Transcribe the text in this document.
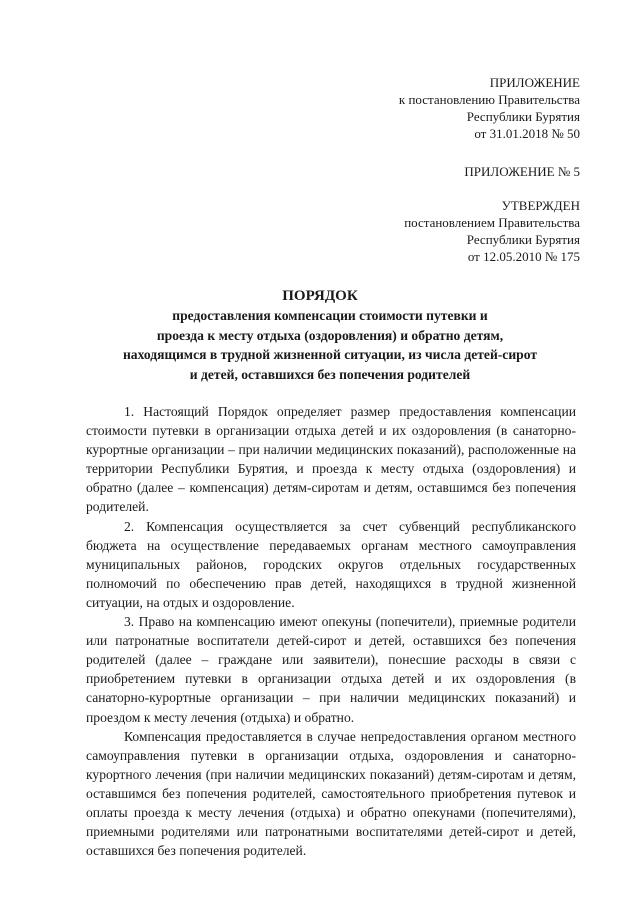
ПРИЛОЖЕНИЕ
к постановлению Правительства
Республики Бурятия
от 31.01.2018 № 50
ПРИЛОЖЕНИЕ № 5
УТВЕРЖДЕН
постановлением Правительства
Республики Бурятия
от 12.05.2010 № 175
ПОРЯДОК
предоставления компенсации стоимости путевки и
проезда к месту отдыха (оздоровления) и обратно детям,
находящимся в трудной жизненной ситуации, из числа детей-сирот
и детей, оставшихся без попечения родителей

1. Настоящий Порядок определяет размер предоставления компенсации стоимости путевки в организации отдыха детей и их оздоровления (в санаторно-курортные организации – при наличии медицинских показаний), расположенные на территории Республики Бурятия, и проезда к месту отдыха (оздоровления) и обратно (далее – компенсация) детям-сиротам и детям, оставшимся без попечения родителей.

2. Компенсация осуществляется за счет субвенций республиканского бюджета на осуществление передаваемых органам местного самоуправления муниципальных районов, городских округов отдельных государственных полномочий по обеспечению прав детей, находящихся в трудной жизненной ситуации, на отдых и оздоровление.

3. Право на компенсацию имеют опекуны (попечители), приемные родители или патронатные воспитатели детей-сирот и детей, оставшихся без попечения родителей (далее – граждане или заявители), понесшие расходы в связи с приобретением путевки в организации отдыха детей и их оздоровления (в санаторно-курортные организации – при наличии медицинских показаний) и проездом к месту лечения (отдыха) и обратно.

Компенсация предоставляется в случае непредоставления органом местного самоуправления путевки в организации отдыха, оздоровления и санаторно-курортного лечения (при наличии медицинских показаний) детям-сиротам и детям, оставшимся без попечения родителей, самостоятельного приобретения путевок и оплаты проезда к месту лечения (отдыха) и обратно опекунами (попечителями), приемными родителями или патронатными воспитателями детей-сирот и детей, оставшихся без попечения родителей.
